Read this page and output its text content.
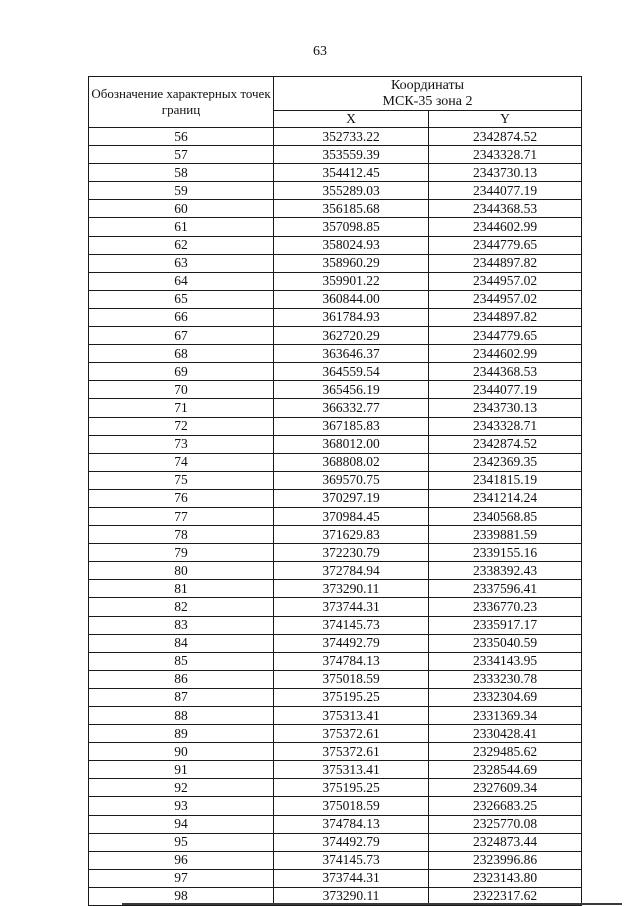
63
Обозначение характерных точек границ	Координаты
МСК-35 зона 2	
	X	Y
56	352733.22	2342874.52
57	353559.39	2343328.71
58	354412.45	2343730.13
59	355289.03	2344077.19
60	356185.68	2344368.53
61	357098.85	2344602.99
62	358024.93	2344779.65
63	358960.29	2344897.82
64	359901.22	2344957.02
65	360844.00	2344957.02
66	361784.93	2344897.82
67	362720.29	2344779.65
68	363646.37	2344602.99
69	364559.54	2344368.53
70	365456.19	2344077.19
71	366332.77	2343730.13
72	367185.83	2343328.71
73	368012.00	2342874.52
74	368808.02	2342369.35
75	369570.75	2341815.19
76	370297.19	2341214.24
77	370984.45	2340568.85
78	371629.83	2339881.59
79	372230.79	2339155.16
80	372784.94	2338392.43
81	373290.11	2337596.41
82	373744.31	2336770.23
83	374145.73	2335917.17
84	374492.79	2335040.59
85	374784.13	2334143.95
86	375018.59	2333230.78
87	375195.25	2332304.69
88	375313.41	2331369.34
89	375372.61	2330428.41
90	375372.61	2329485.62
91	375313.41	2328544.69
92	375195.25	2327609.34
93	375018.59	2326683.25
94	374784.13	2325770.08
95	374492.79	2324873.44
96	374145.73	2323996.86
97	373744.31	2323143.80
98	373290.11	2322317.62
